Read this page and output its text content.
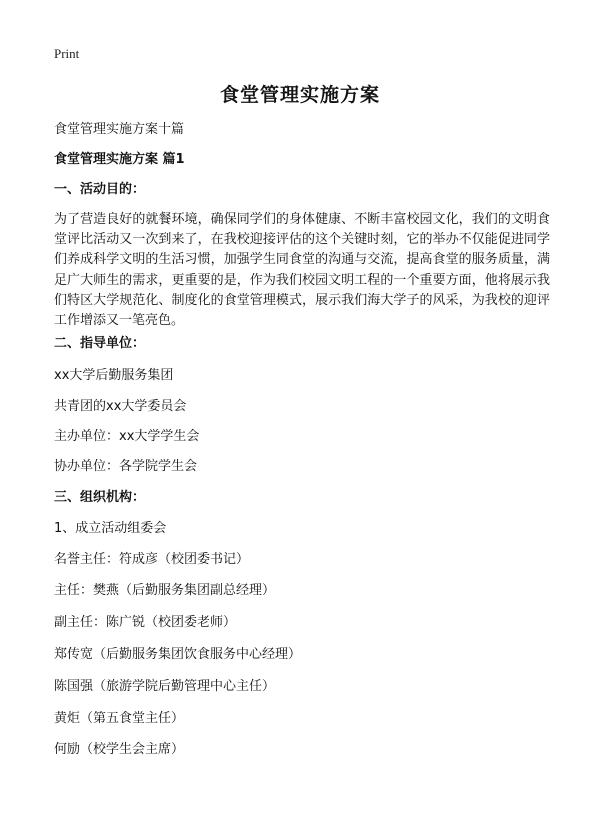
Print
食堂管理实施方案
食堂管理实施方案十篇
食堂管理实施方案 篇1
一、活动目的：
为了营造良好的就餐环境，确保同学们的身体健康、不断丰富校园文化，我们的文明食堂评比活动又一次到来了，在我校迎接评估的这个关键时刻，它的举办不仅能促进同学们养成科学文明的生活习惯，加强学生同食堂的沟通与交流，提高食堂的服务质量，满足广大师生的需求，更重要的是，作为我们校园文明工程的一个重要方面，他将展示我们特区大学规范化、制度化的食堂管理模式，展示我们海大学子的风采，为我校的迎评工作增添又一笔亮色。
二、指导单位：
xx大学后勤服务集团
共青团的xx大学委员会
主办单位：xx大学学生会
协办单位：各学院学生会
三、组织机构：
1、成立活动组委会
名誉主任：符成彦（校团委书记）
主任：樊燕（后勤服务集团副总经理）
副主任：陈广锐（校团委老师）
郑传宽（后勤服务集团饮食服务中心经理）
陈国强（旅游学院后勤管理中心主任）
黄炬（第五食堂主任）
何励（校学生会主席）
